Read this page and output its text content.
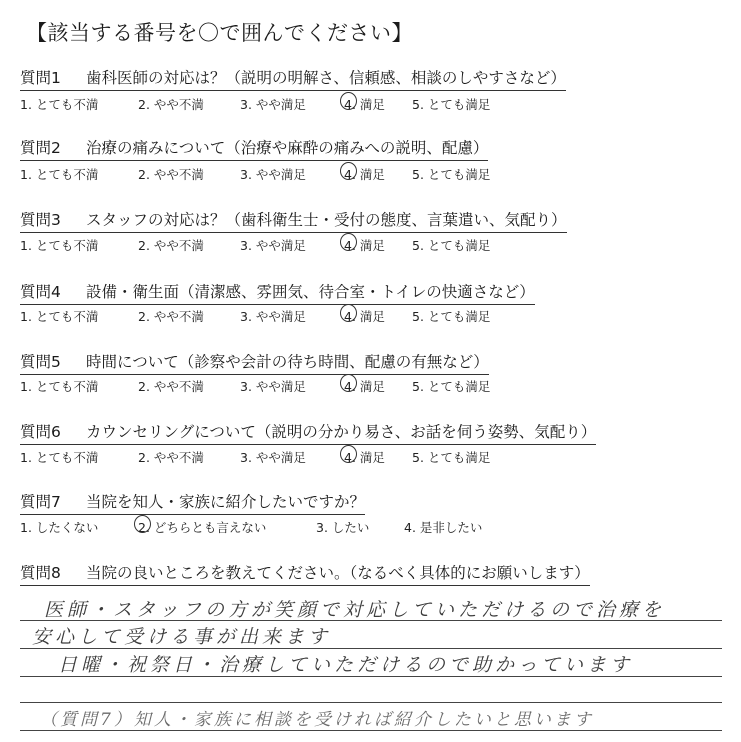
【該当する番号を〇で囲んでください】
質問1 歯科医師の対応は？（説明の明解さ、信頼感、相談のしやすさなど）
1. とても不満	2. やや不満	3. やや満足	4. 満足 5. とても満足
質問2 治療の痛みについて（治療や麻酔の痛みへの説明、配慮）
1. とても不満	2. やや不満	3. やや満足	4. 満足 5. とても満足
質問3 スタッフの対応は？（歯科衛生士・受付の態度、言葉遣い、気配り）
1. とても不満	2. やや不満	3. やや満足	4. 満足 5. とても満足
質問4 設備・衛生面（清潔感、雰囲気、待合室・トイレの快適さなど）
1. とても不満	2. やや不満	3. やや満足	4. 満足 5. とても満足
質問5 時間について（診察や会計の待ち時間、配慮の有無など）
1. とても不満	2. やや不満	3. やや満足	4. 満足 5. とても満足
質問6 カウンセリングについて（説明の分かり易さ、お話を伺う姿勢、気配り）
1. とても不満	2. やや不満	3. やや満足	4. 満足 5. とても満足
質問7 当院を知人・家族に紹介したいですか？
1. したくない	2. どちらとも言えない	3. したい	4. 是非したい
質問8 当院の良いところを教えてください。（なるべく具体的にお願いします）
医師・スタッフの方が笑顔で対応していただけるので治療を
安心して受ける事が出来ます
日曜・祝祭日・治療していただけるので助かっています
（質問7）知人・家族に相談を受ければ紹介したいと思います
